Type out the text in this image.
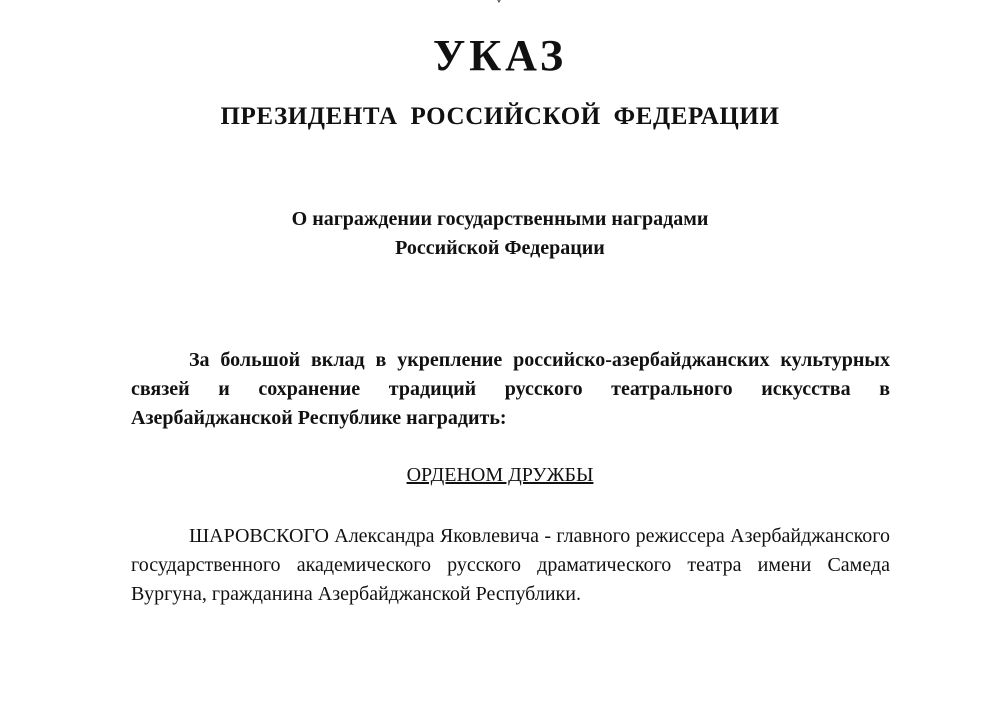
УКАЗ
ПРЕЗИДЕНТА РОССИЙСКОЙ ФЕДЕРАЦИИ
О награждении государственными наградами
Российской Федерации

За большой вклад в укрепление российско-азербайджанских культурных связей и сохранение традиций русского театрального искусства в Азербайджанской Республике наградить:

ОРДЕНОМ ДРУЖБЫ

ШАРОВСКОГО Александра Яковлевича - главного режиссера Азербайджанского государственного академического русского драматического театра имени Самеда Вургуна, гражданина Азербайджанской Республики.
